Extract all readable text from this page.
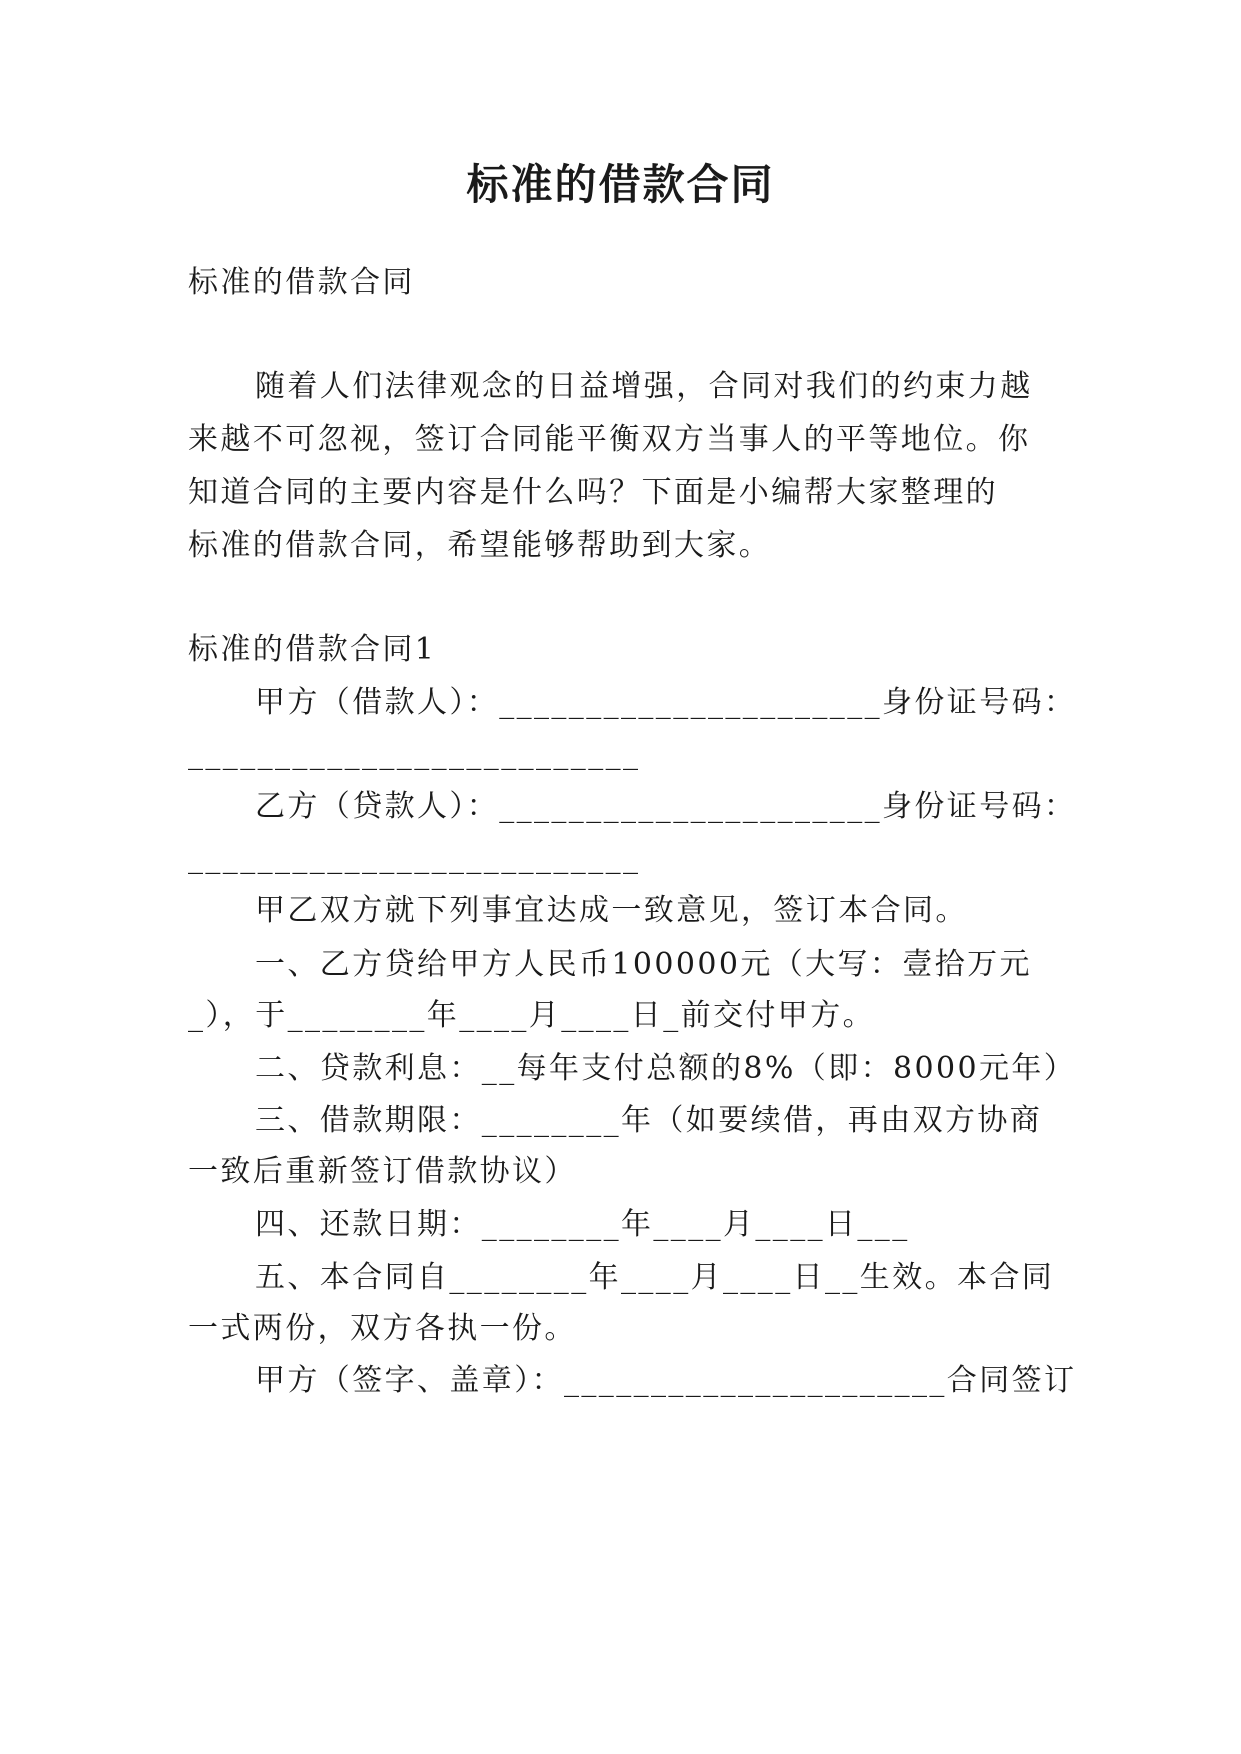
标准的借款合同
标准的借款合同
随着人们法律观念的日益增强，合同对我们的约束力越
来越不可忽视，签订合同能平衡双方当事人的平等地位。你
知道合同的主要内容是什么吗？下面是小编帮大家整理的
标准的借款合同，希望能够帮助到大家。
标准的借款合同1
甲方（借款人）：______________________身份证号码：
__________________________
乙方（贷款人）：______________________身份证号码：
__________________________
甲乙双方就下列事宜达成一致意见，签订本合同。
一、乙方贷给甲方人民币100000元（大写：壹拾万元
_），于________年____月____日_前交付甲方。
二、贷款利息：__每年支付总额的8%（即：8000元年）
三、借款期限：________年（如要续借，再由双方协商
一致后重新签订借款协议）
四、还款日期：________年____月____日___
五、本合同自________年____月____日__生效。本合同
一式两份，双方各执一份。
甲方（签字、盖章）：______________________合同签订
